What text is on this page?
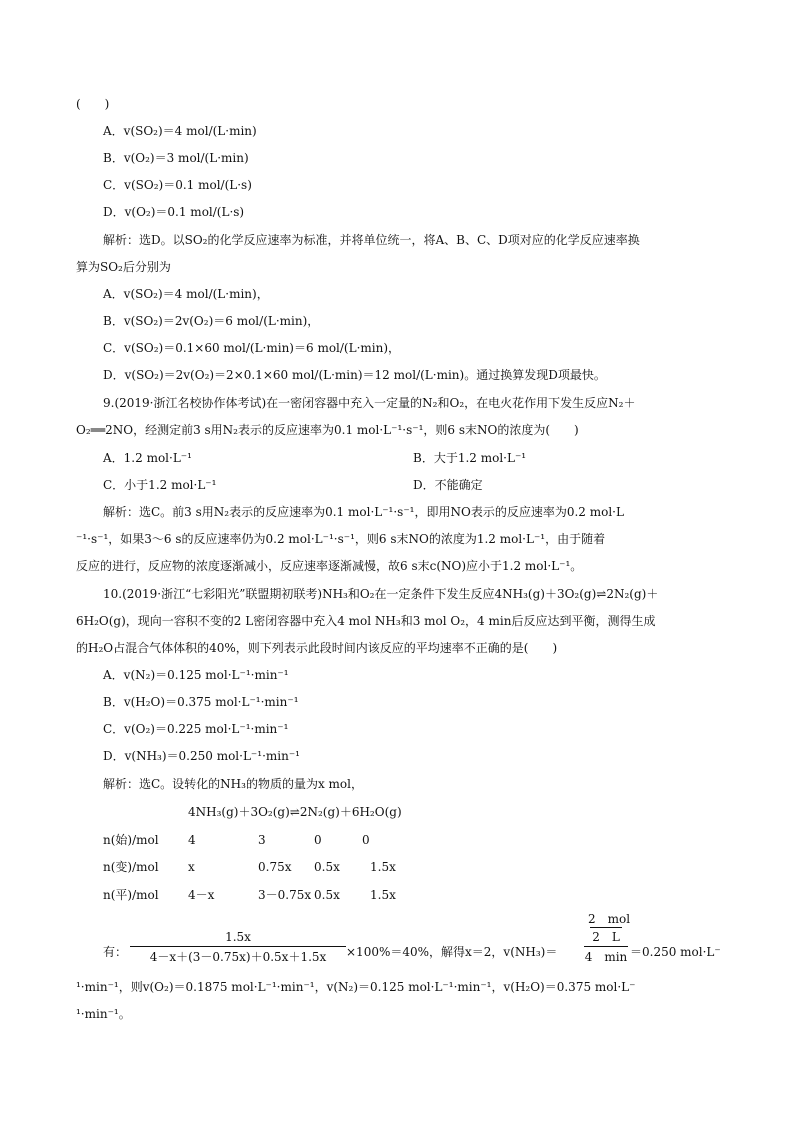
(　　)
A．v(SO₂)＝4 mol/(L·min)
B．v(O₂)＝3 mol/(L·min)
C．v(SO₂)＝0.1 mol/(L·s)
D．v(O₂)＝0.1 mol/(L·s)
解析：选D。以SO₂的化学反应速率为标准，并将单位统一，将A、B、C、D项对应的化学反应速率换
算为SO₂后分别为
A．v(SO₂)＝4 mol/(L·min)，
B．v(SO₂)＝2v(O₂)＝6 mol/(L·min)，
C．v(SO₂)＝0.1×60 mol/(L·min)＝6 mol/(L·min)，
D．v(SO₂)＝2v(O₂)＝2×0.1×60 mol/(L·min)＝12 mol/(L·min)。通过换算发现D项最快。
9.(2019·浙江名校协作体考试)在一密闭容器中充入一定量的N₂和O₂，在电火花作用下发生反应N₂＋
O₂══2NO，经测定前3 s用N₂表示的反应速率为0.1 mol·L⁻¹·s⁻¹，则6 s末NO的浓度为(　　)
A．1.2 mol·L⁻¹	B．大于1.2 mol·L⁻¹
C．小于1.2 mol·L⁻¹	D．不能确定
解析：选C。前3 s用N₂表示的反应速率为0.1 mol·L⁻¹·s⁻¹，即用NO表示的反应速率为0.2 mol·L
⁻¹·s⁻¹，如果3～6 s的反应速率仍为0.2 mol·L⁻¹·s⁻¹，则6 s末NO的浓度为1.2 mol·L⁻¹，由于随着
反应的进行，反应物的浓度逐渐减小，反应速率逐渐减慢，故6 s末c(NO)应小于1.2 mol·L⁻¹。
10.(2019·浙江“七彩阳光”联盟期初联考)NH₃和O₂在一定条件下发生反应4NH₃(g)＋3O₂(g)⇌2N₂(g)＋
6H₂O(g)，现向一容积不变的2 L密闭容器中充入4 mol NH₃和3 mol O₂，4 min后反应达到平衡，测得生成
的H₂O占混合气体体积的40%，则下列表示此段时间内该反应的平均速率不正确的是(　　)
A．v(N₂)＝0.125 mol·L⁻¹·min⁻¹
B．v(H₂O)＝0.375 mol·L⁻¹·min⁻¹
C．v(O₂)＝0.225 mol·L⁻¹·min⁻¹
D．v(NH₃)＝0.250 mol·L⁻¹·min⁻¹
解析：选C。设转化的NH₃的物质的量为x mol，
4NH₃(g)＋3O₂(g)⇌2N₂(g)＋6H₂O(g)
n(始)/mol 4	3	0	0
n(变)/mol x	0.75x 0.5x	1.5x
n(平)/mol 4－x	3－0.75x 0.5x	1.5x
有：
1.5x
4－x＋(3－0.75x)＋0.5x＋1.5x	×100%＝40%，解得x＝2，v(NH₃)＝
2　mol
2　L
4　min ＝0.250 mol·L⁻
¹·min⁻¹，则v(O₂)＝0.1875 mol·L⁻¹·min⁻¹，v(N₂)＝0.125 mol·L⁻¹·min⁻¹，v(H₂O)＝0.375 mol·L⁻
¹·min⁻¹。
